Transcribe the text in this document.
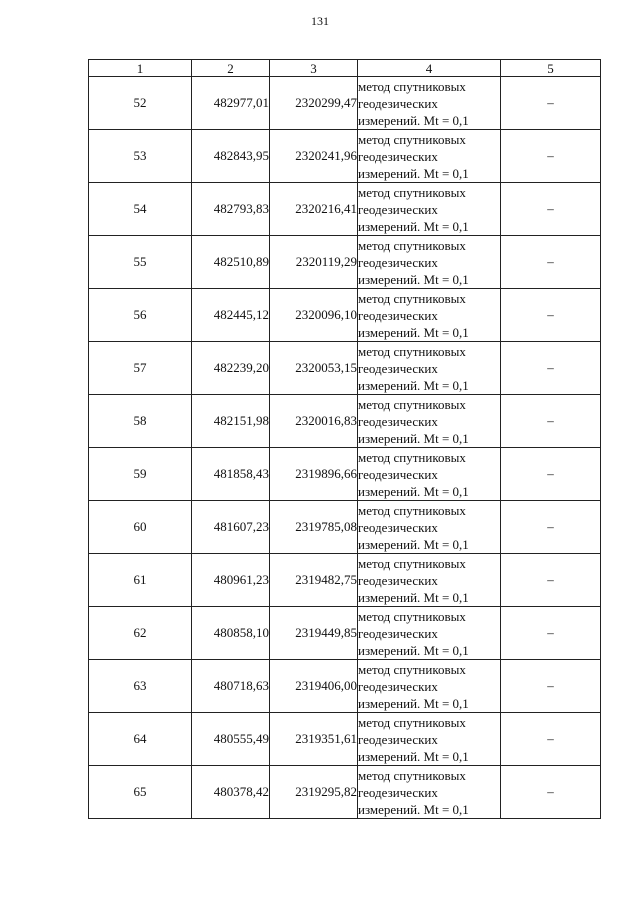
131
1	2	3	4	5
52	482977,01	2320299,47	метод спутниковых
геодезических
измерений. Mt = 0,1	–
53	482843,95	2320241,96	метод спутниковых
геодезических
измерений. Mt = 0,1	–
54	482793,83	2320216,41	метод спутниковых
геодезических
измерений. Mt = 0,1	–
55	482510,89	2320119,29	метод спутниковых
геодезических
измерений. Mt = 0,1	–
56	482445,12	2320096,10	метод спутниковых
геодезических
измерений. Mt = 0,1	–
57	482239,20	2320053,15	метод спутниковых
геодезических
измерений. Mt = 0,1	–
58	482151,98	2320016,83	метод спутниковых
геодезических
измерений. Mt = 0,1	–
59	481858,43	2319896,66	метод спутниковых
геодезических
измерений. Mt = 0,1	–
60	481607,23	2319785,08	метод спутниковых
геодезических
измерений. Mt = 0,1	–
61	480961,23	2319482,75	метод спутниковых
геодезических
измерений. Mt = 0,1	–
62	480858,10	2319449,85	метод спутниковых
геодезических
измерений. Mt = 0,1	–
63	480718,63	2319406,00	метод спутниковых
геодезических
измерений. Mt = 0,1	–
64	480555,49	2319351,61	метод спутниковых
геодезических
измерений. Mt = 0,1	–
65	480378,42	2319295,82	метод спутниковых
геодезических
измерений. Mt = 0,1	–
